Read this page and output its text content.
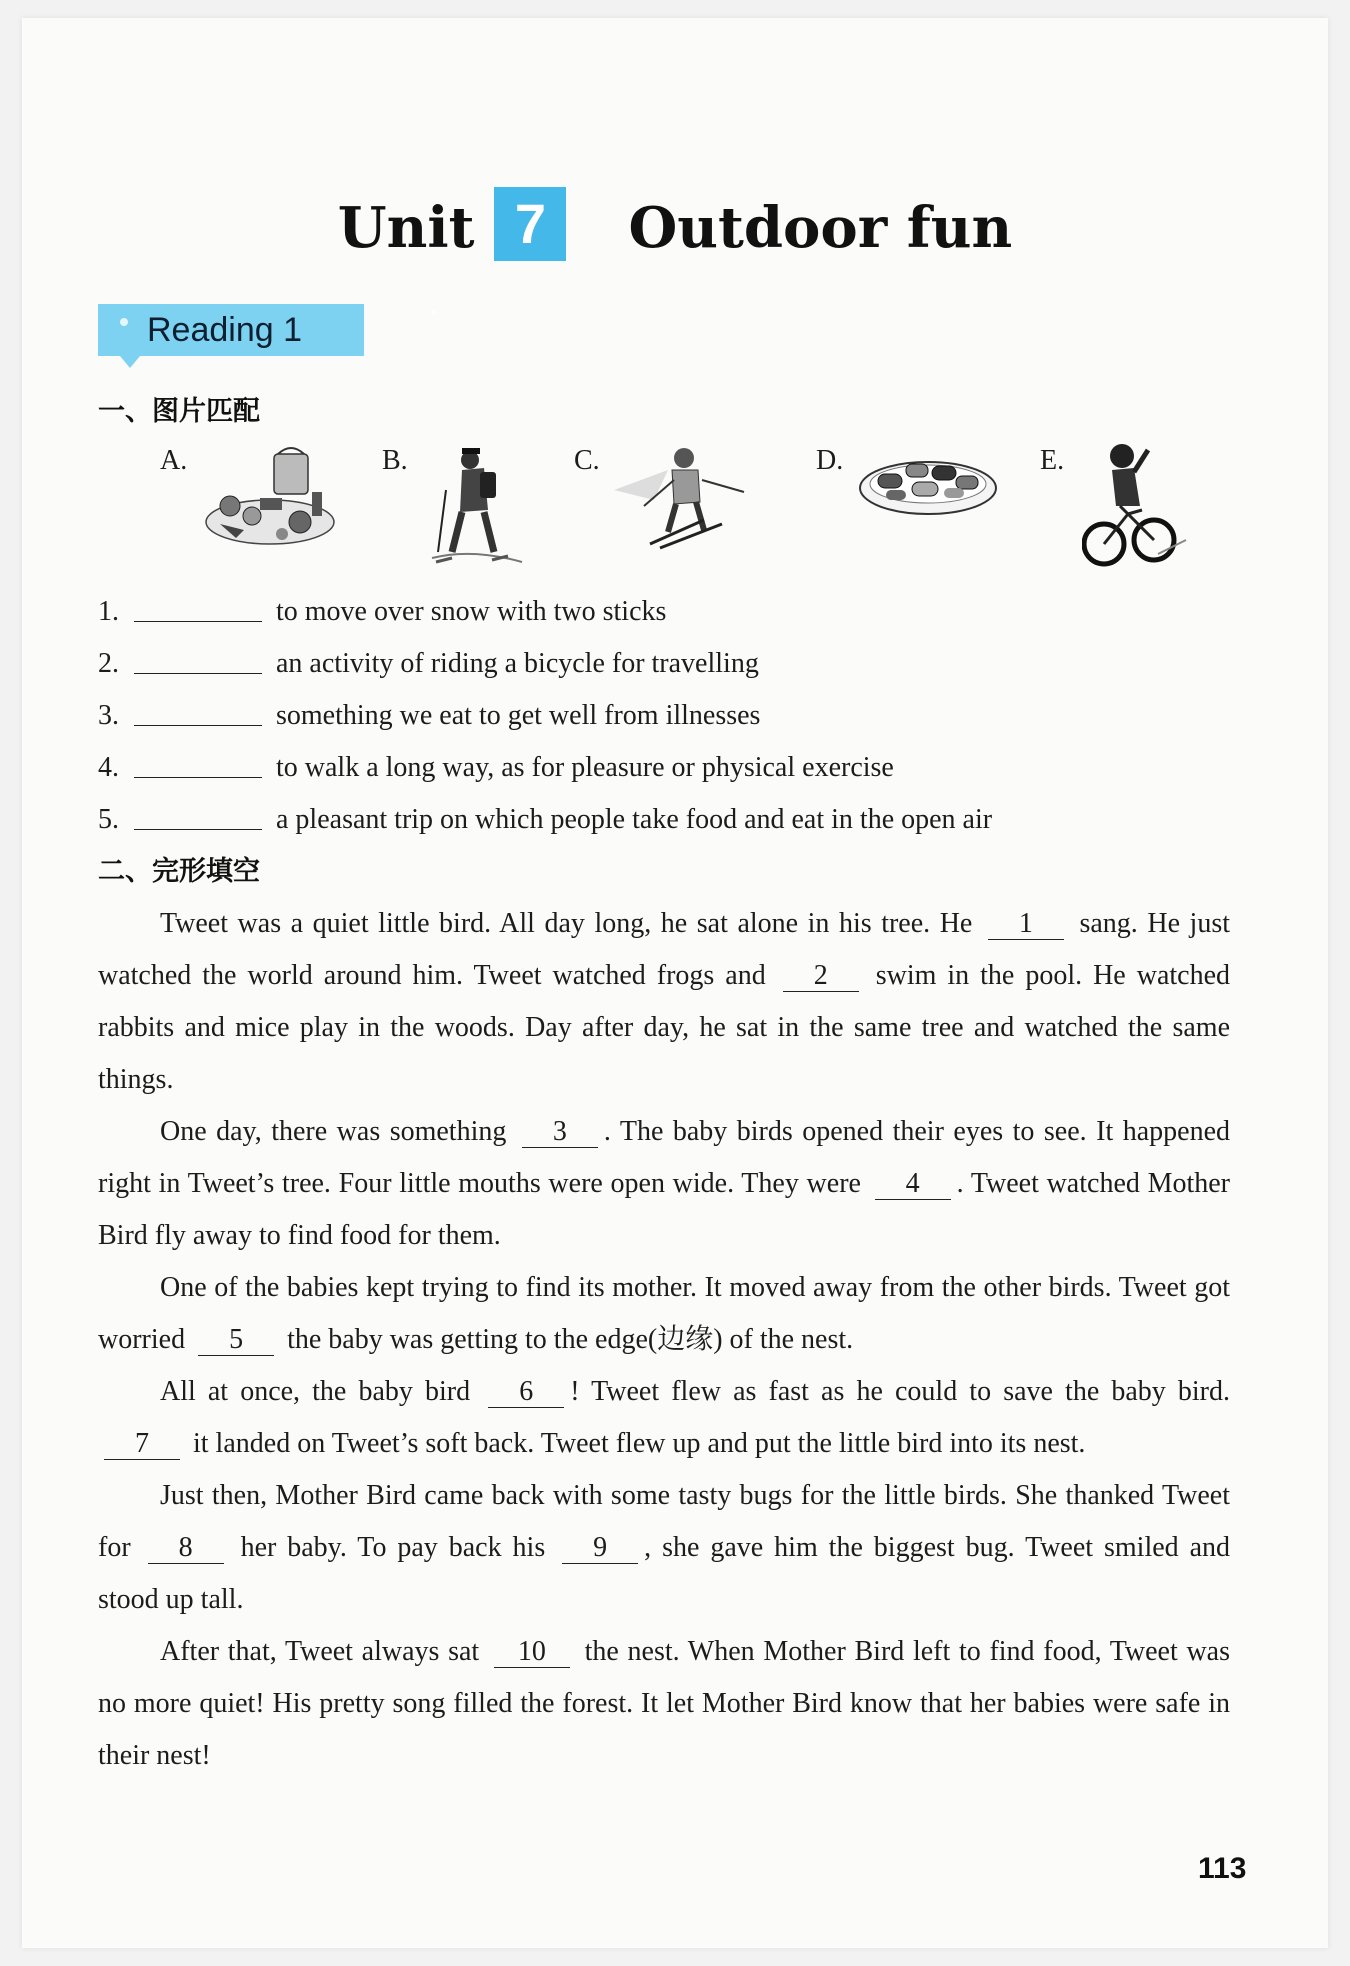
Unit 7 Outdoor fun
Reading 1
一、图片匹配
A.	B.	C.	D.	E.
1.	to move over snow with two sticks
2.	an activity of riding a bicycle for travelling
3.	something we eat to get well from illnesses
4.	to walk a long way, as for pleasure or physical exercise
5.	a pleasant trip on which people take food and eat in the open air
二、完形填空

Tweet was a quiet little bird. All day long, he sat alone in his tree. He 1 sang. He just watched the world around him. Tweet watched frogs and 2 swim in the pool. He watched rabbits and mice play in the woods. Day after day, he sat in the same tree and watched the same things.

One day, there was something 3 . The baby birds opened their eyes to see. It happened right in Tweet’s tree. Four little mouths were open wide. They were 4 . Tweet watched Mother Bird fly away to find food for them.

One of the babies kept trying to find its mother. It moved away from the other birds. Tweet got worried 5 the baby was getting to the edge(边缘) of the nest.

All at once, the baby bird 6 ! Tweet flew as fast as he could to save the baby bird. 7 it landed on Tweet’s soft back. Tweet flew up and put the little bird into its nest.

Just then, Mother Bird came back with some tasty bugs for the little birds. She thanked Tweet for 8 her baby. To pay back his 9 , she gave him the biggest bug. Tweet smiled and stood up tall.

After that, Tweet always sat 10 the nest. When Mother Bird left to find food, Tweet was no more quiet! His pretty song filled the forest. It let Mother Bird know that her babies were safe in their nest!

113
